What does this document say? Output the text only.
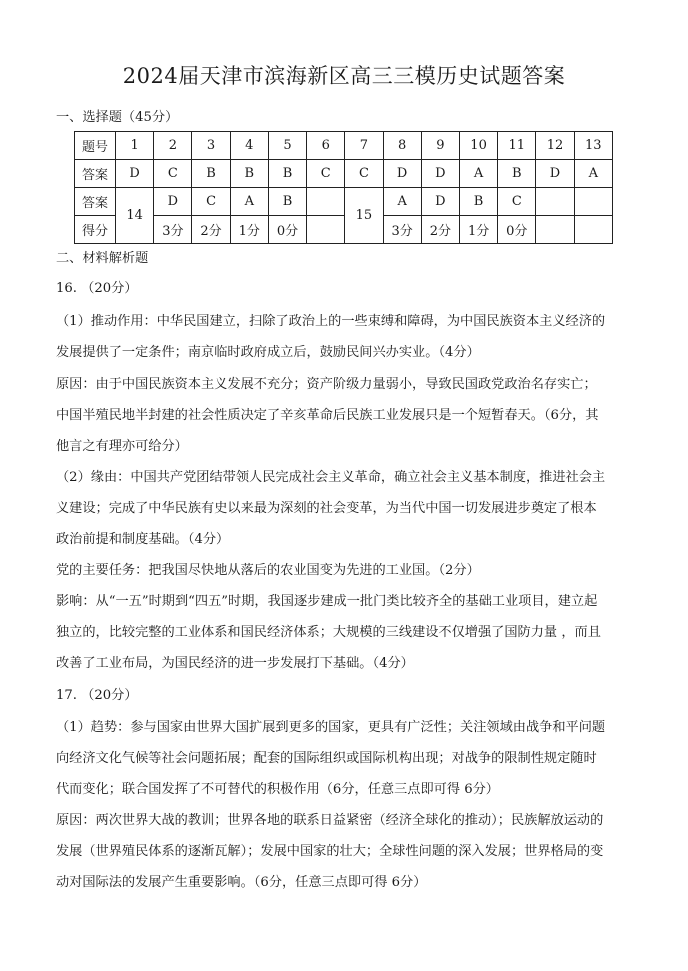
2024届天津市滨海新区高三三模历史试题答案
一、选择题（45分）
题号	1	2	3	4	5	6	7	8	9	10	11	12	13
答案	D	C	B	B	B	C	C	D	D	A	B	D	A
答案	14	D	C	A	B		15	A	D	B	C		
得分		3分	2分	1分	0分			3分	2分	1分	0分		
二、材料解析题
16. （20分）
（1）推动作用：中华民国建立，扫除了政治上的一些束缚和障碍，为中国民族资本主义经济的
发展提供了一定条件；南京临时政府成立后，鼓励民间兴办实业。（4分）
原因：由于中国民族资本主义发展不充分；资产阶级力量弱小，导致民国政党政治名存实亡；
中国半殖民地半封建的社会性质决定了辛亥革命后民族工业发展只是一个短暂春天。（6分，其
他言之有理亦可给分）
（2）缘由：中国共产党团结带领人民完成社会主义革命，确立社会主义基本制度，推进社会主
义建设；完成了中华民族有史以来最为深刻的社会变革，为当代中国一切发展进步奠定了根本
政治前提和制度基础。（4分）
党的主要任务：把我国尽快地从落后的农业国变为先进的工业国。（2分）
影响：从“一五”时期到“四五”时期，我国逐步建成一批门类比较齐全的基础工业项目，建立起
独立的，比较完整的工业体系和国民经济体系；大规模的三线建设不仅增强了国防力量 ，而且
改善了工业布局，为国民经济的进一步发展打下基础。（4分）
17. （20分）
（1）趋势：参与国家由世界大国扩展到更多的国家，更具有广泛性；关注领域由战争和平问题
向经济文化气候等社会问题拓展；配套的国际组织或国际机构出现；对战争的限制性规定随时
代而变化；联合国发挥了不可替代的积极作用（6分，任意三点即可得 6分）
原因：两次世界大战的教训；世界各地的联系日益紧密（经济全球化的推动）；民族解放运动的
发展（世界殖民体系的逐渐瓦解）；发展中国家的壮大；全球性问题的深入发展；世界格局的变
动对国际法的发展产生重要影响。（6分，任意三点即可得 6分）
